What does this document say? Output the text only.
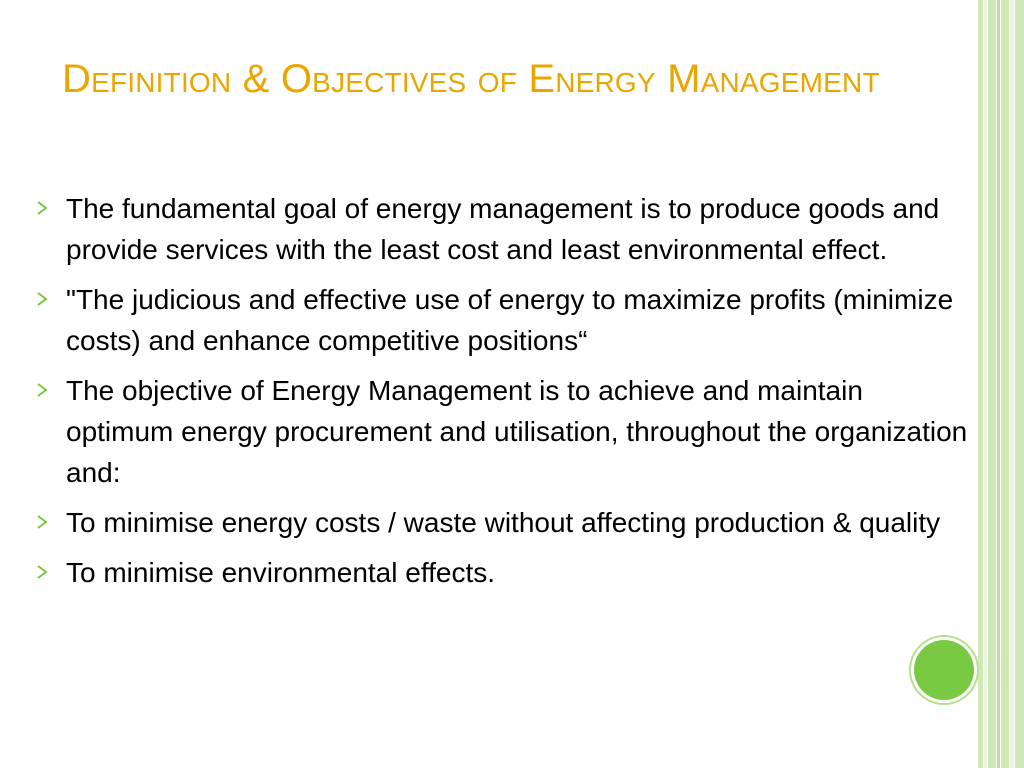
Definition & Objectives of Energy Management
The fundamental goal of energy management is to produce goods and provide services with the least cost and least environmental effect.
"The judicious and effective use of energy to maximize profits (minimize costs) and enhance competitive positions“
The objective of Energy Management is to achieve and maintain optimum energy procurement and utilisation, throughout the organization and:
To minimise energy costs / waste without affecting production & quality
To minimise environmental effects.
